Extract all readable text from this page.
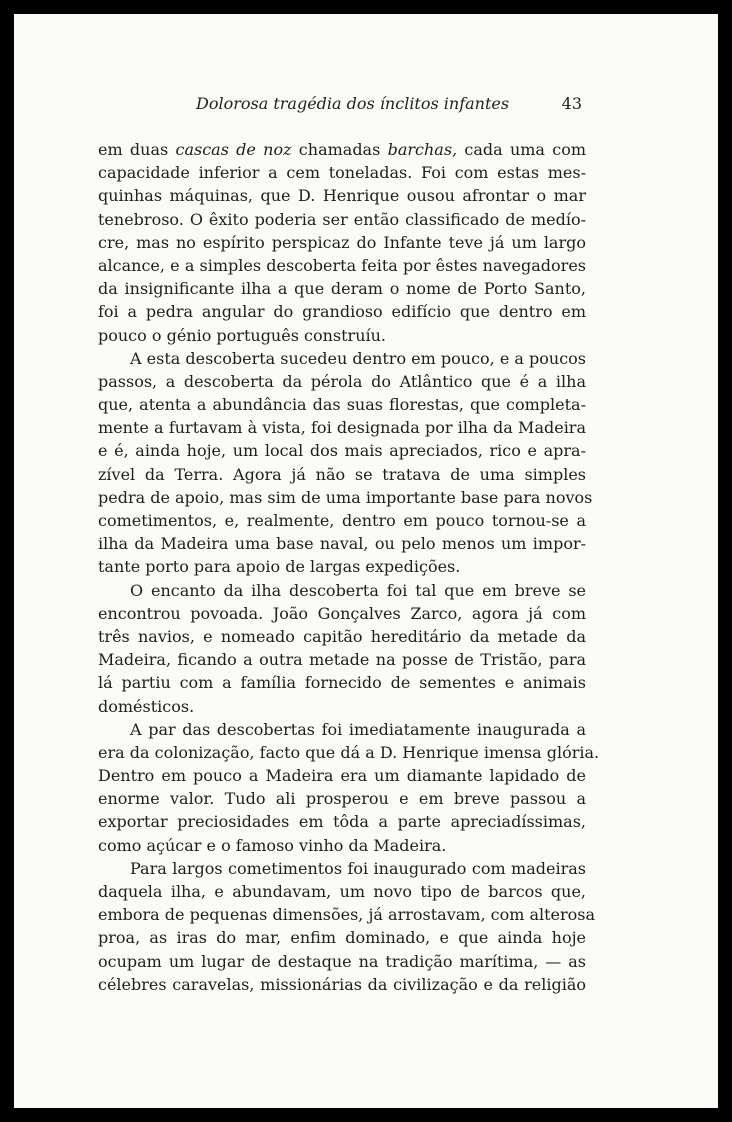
Dolorosa tragédia dos ínclitos infantes	43
em duas cascas de noz chamadas barchas, cada uma com
capacidade inferior a cem toneladas. Foi com estas mes-
quinhas máquinas, que D. Henrique ousou afrontar o mar
tenebroso. O êxito poderia ser então classificado de medío-
cre, mas no espírito perspicaz do Infante teve já um largo
alcance, e a simples descoberta feita por êstes navegadores
da insignificante ilha a que deram o nome de Porto Santo,
foi a pedra angular do grandioso edifício que dentro em
pouco o génio português construíu.
A esta descoberta sucedeu dentro em pouco, e a poucos
passos, a descoberta da pérola do Atlântico que é a ilha
que, atenta a abundância das suas florestas, que completa-
mente a furtavam à vista, foi designada por ilha da Madeira
e é, ainda hoje, um local dos mais apreciados, rico e apra-
zível da Terra. Agora já não se tratava de uma simples
pedra de apoio, mas sim de uma importante base para novos
cometimentos, e, realmente, dentro em pouco tornou-se a
ilha da Madeira uma base naval, ou pelo menos um impor-
tante porto para apoio de largas expedições.
O encanto da ilha descoberta foi tal que em breve se
encontrou povoada. João Gonçalves Zarco, agora já com
três navios, e nomeado capitão hereditário da metade da
Madeira, ficando a outra metade na posse de Tristão, para
lá partiu com a família fornecido de sementes e animais
domésticos.
A par das descobertas foi imediatamente inaugurada a
era da colonização, facto que dá a D. Henrique imensa glória.
Dentro em pouco a Madeira era um diamante lapidado de
enorme valor. Tudo ali prosperou e em breve passou a
exportar preciosidades em tôda a parte apreciadíssimas,
como açúcar e o famoso vinho da Madeira.
Para largos cometimentos foi inaugurado com madeiras
daquela ilha, e abundavam, um novo tipo de barcos que,
embora de pequenas dimensões, já arrostavam, com alterosa
proa, as iras do mar, enfim dominado, e que ainda hoje
ocupam um lugar de destaque na tradição marítima, — as
célebres caravelas, missionárias da civilização e da religião
